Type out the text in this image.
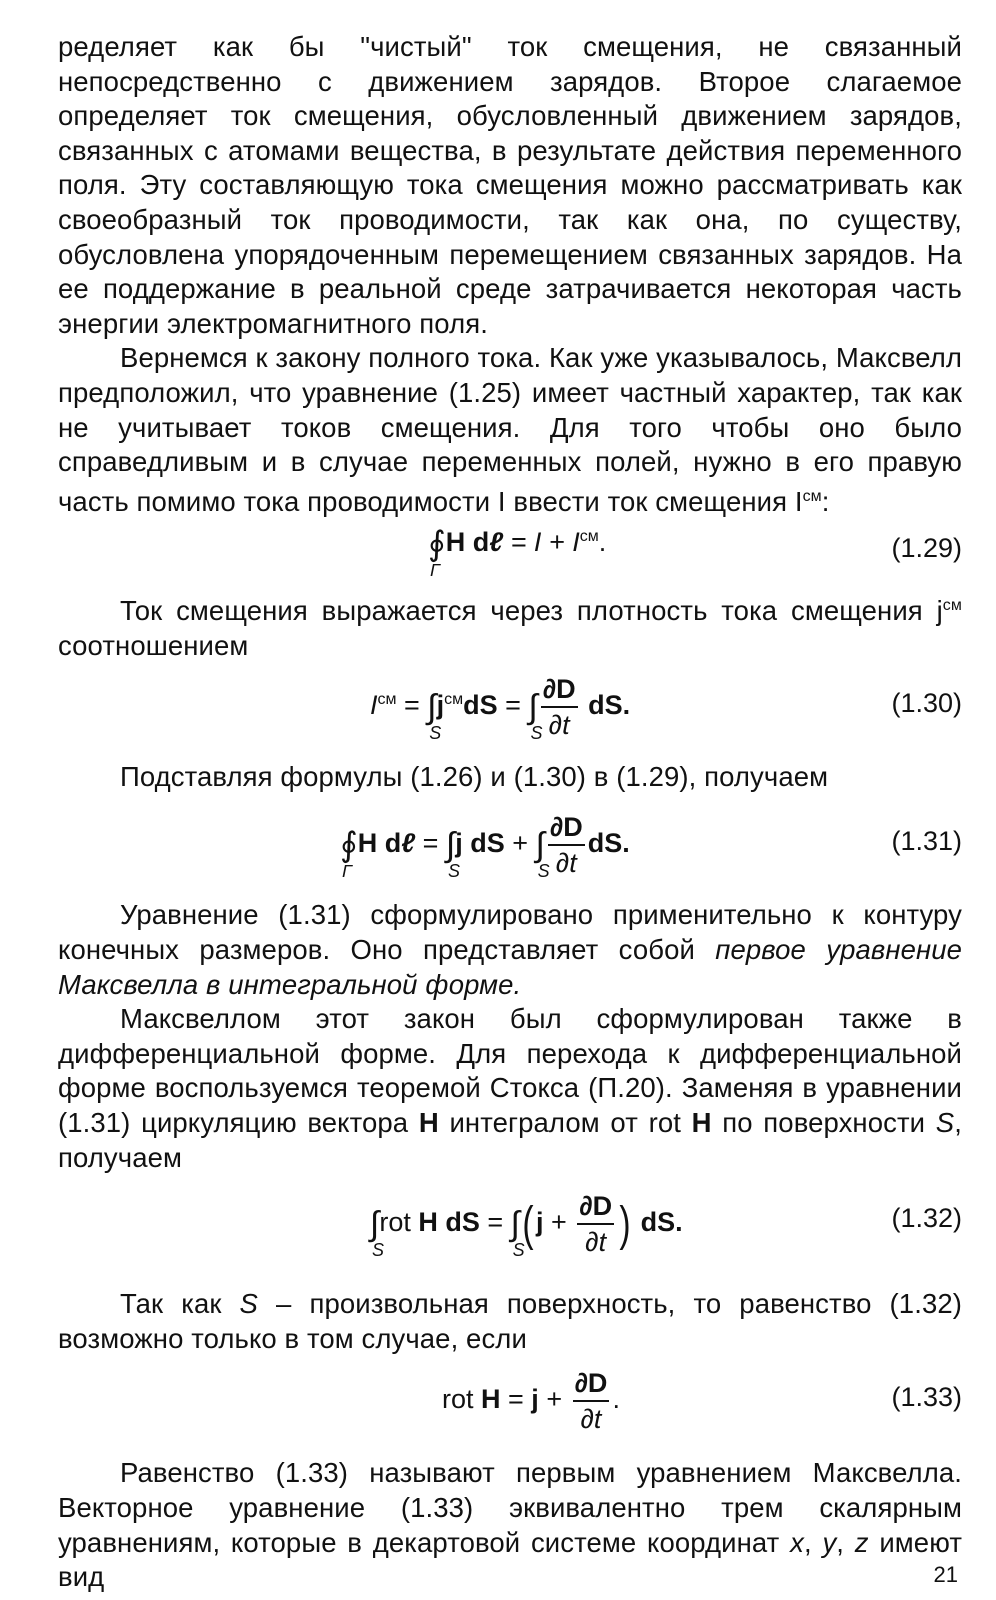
ределяет как бы "чистый" ток смещения, не связанный непосредственно с движением зарядов. Второе слагаемое определяет ток смещения, обусловленный движением зарядов, связанных с атомами вещества, в результате действия переменного поля. Эту составляющую тока смещения можно рассматривать как своеобразный ток проводимости, так как она, по существу, обусловлена упорядоченным перемещением связанных зарядов. На ее поддержание в реальной среде затрачивается некоторая часть энергии электромагнитного поля.

Вернемся к закону полного тока. Как уже указывалось, Максвелл предположил, что уравнение (1.25) имеет частный характер, так как не учитывает токов смещения. Для того чтобы оно было справедливым и в случае переменных полей, нужно в его правую часть помимо тока проводимости I ввести ток смещения $I^{см}$:

∮
Γ
H dℓ = $I + I^{см}$.	(1.29)

Ток смещения выражается через плотность тока смещения $j^{см}$ соотношением

$I^{см}$ = ∫
S
$j^{см}dS$ = ∫
S
$\frac{\partial D}{\partial t}$ dS.	(1.30)

Подставляя формулы (1.26) и (1.30) в (1.29), получаем

∮
Γ
H dℓ = ∫
S
j dS + ∫
S
$\frac{\partial D}{\partial t}$ dS.	(1.31)

Уравнение (1.31) сформулировано применительно к контуру конечных размеров. Оно представляет собой первое уравнение Максвелла в интегральной форме.

Максвеллом этот закон был сформулирован также в дифференциальной форме. Для перехода к дифференциальной форме воспользуемся теоремой Стокса (П.20). Заменяя в уравнении (1.31) циркуляцию вектора H интегралом от rot H по поверхности S, получаем

∫
S
rot H dS = ∫
S
($j + \frac{\partial D}{\partial t}$ ) dS.	(1.32)

Так как S – произвольная поверхность, то равенство (1.32) возможно только в том случае, если

rot $H = j + \frac{\partial D}{\partial t}$ .	(1.33)

Равенство (1.33) называют первым уравнением Максвелла. Векторное уравнение (1.33) эквивалентно трем скалярным уравнениям, которые в декартовой системе координат x, y, z имеют вид	21
